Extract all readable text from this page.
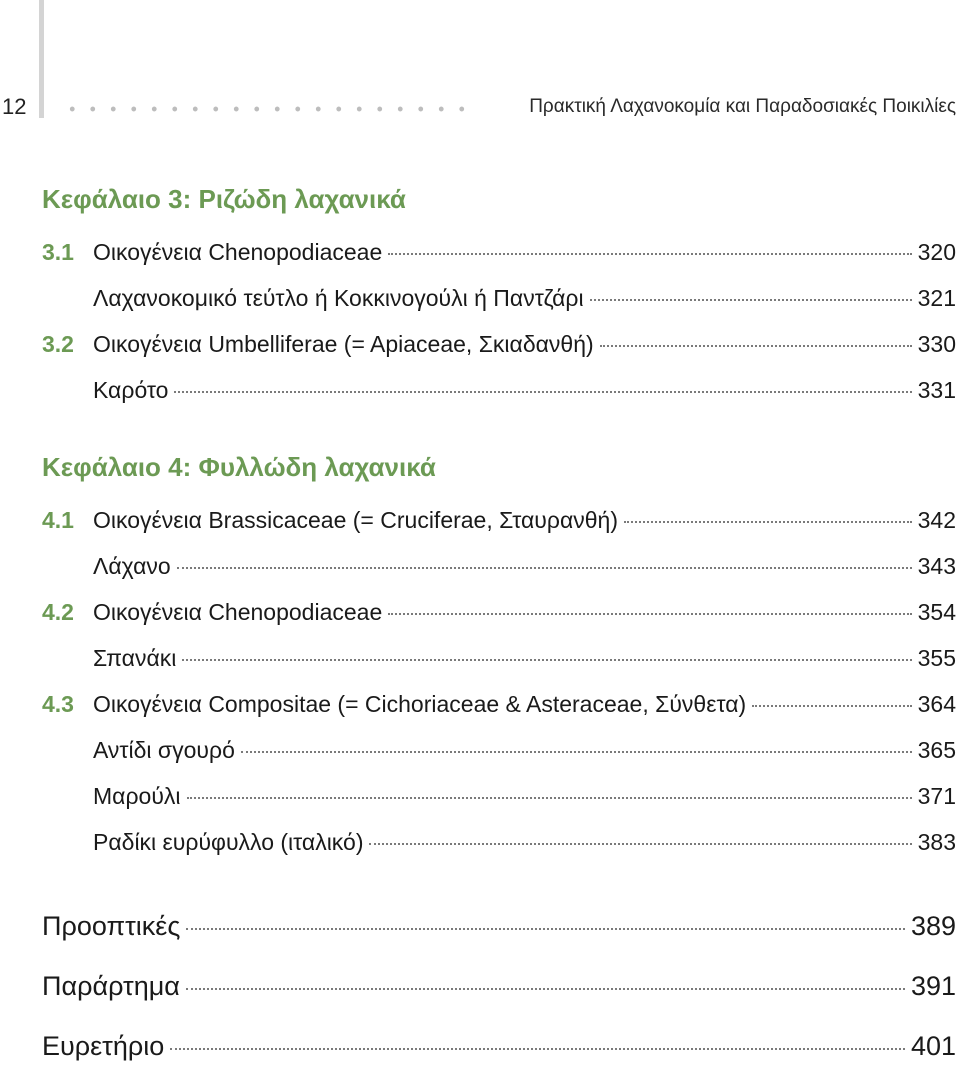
12	Πρακτική Λαχανοκομία και Παραδοσιακές Ποικιλίες
Κεφάλαιο 3: Ριζώδη λαχανικά
3.1 Οικογένεια Chenopodiaceae	320
Λαχανοκομικό τεύτλο ή Κοκκινογούλι ή Παντζάρι	321
3.2 Οικογένεια Umbelliferae (= Apiaceae, Σκιαδανθή)	330
Καρότο	331
Κεφάλαιο 4: Φυλλώδη λαχανικά
4.1 Οικογένεια Brassicaceae (= Cruciferae, Σταυρανθή)	342
Λάχανο	343
4.2 Οικογένεια Chenopodiaceae	354
Σπανάκι	355
4.3 Οικογένεια Compositae (= Cichoriaceae & Asteraceae, Σύνθετα)	364
Αντίδι σγουρό	365
Μαρούλι	371
Ραδίκι ευρύφυλλο (ιταλικό)	383
Προοπτικές	389
Παράρτημα	391
Ευρετήριο	401
